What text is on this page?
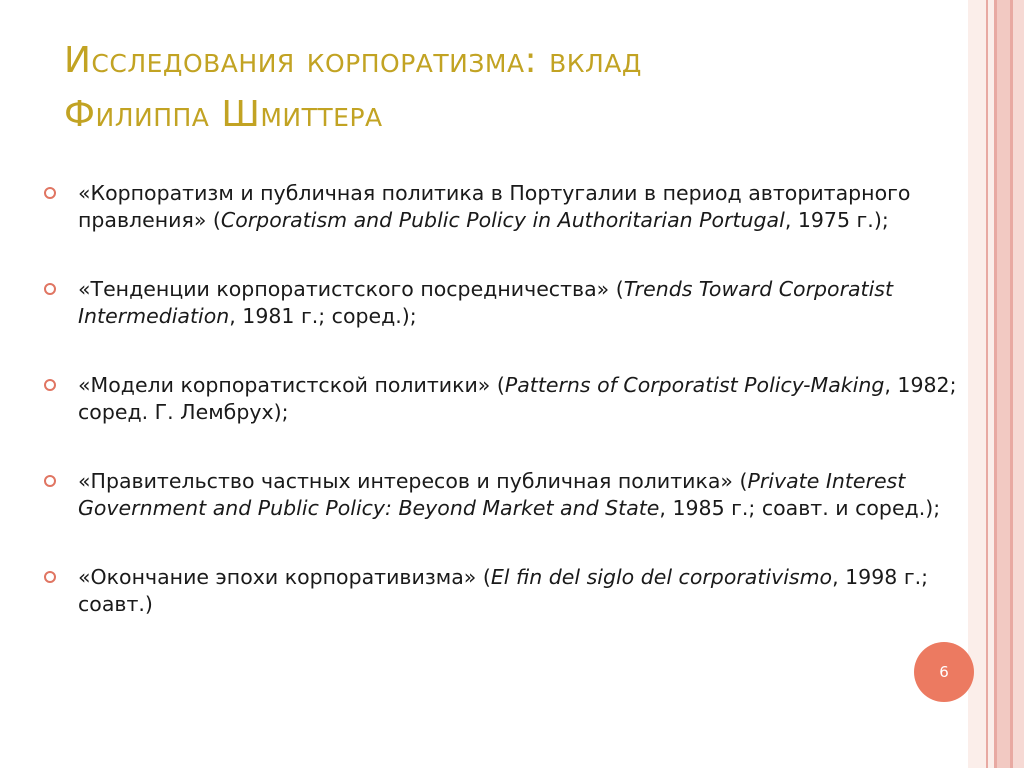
Исследования корпоратизма: вклад
Филиппа Шмиттера
«Корпоратизм и публичная политика в Португалии в период авторитарного правления» (Corporatism and Public Policy in Authoritarian Portugal, 1975 г.);
«Тенденции корпоратистского посредничества» (Trends Toward Corporatist Intermediation, 1981 г.; соред.);
«Модели корпоратистской политики» (Patterns of Corporatist Policy-Making, 1982; соред. Г. Лембрух);
«Правительство частных интересов и публичная политика» (Private Interest Government and Public Policy: Beyond Market and State, 1985 г.; соавт. и соред.);
«Окончание эпохи корпоративизма» (El fin del siglo del corporativismo, 1998 г.; соавт.)
6
